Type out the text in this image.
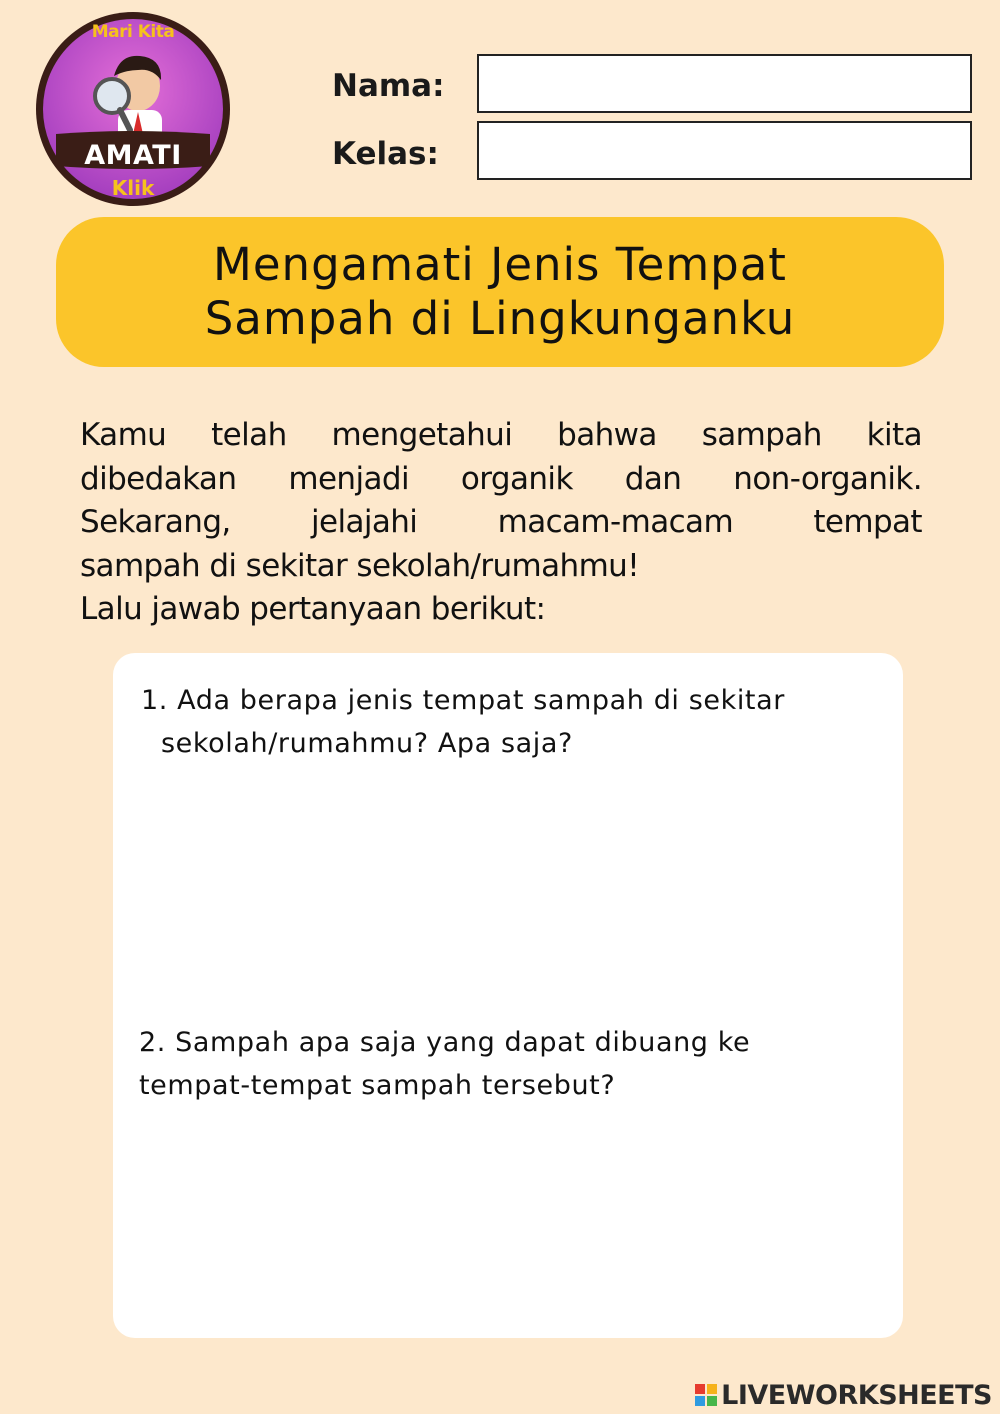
Mari Kita
AMATI
Klik
Nama:
Kelas:
Mengamati Jenis Tempat
Sampah di Lingkunganku
Kamu telah mengetahui bahwa sampah kita
dibedakan menjadi organik dan non-organik.
Sekarang, jelajahi macam-macam tempat
sampah di sekitar sekolah/rumahmu!
Lalu jawab pertanyaan berikut:
1. Ada berapa jenis tempat sampah di sekitar
sekolah/rumahmu? Apa saja?
2. Sampah apa saja yang dapat dibuang ke
tempat-tempat sampah tersebut?
LIVEWORKSHEETS
